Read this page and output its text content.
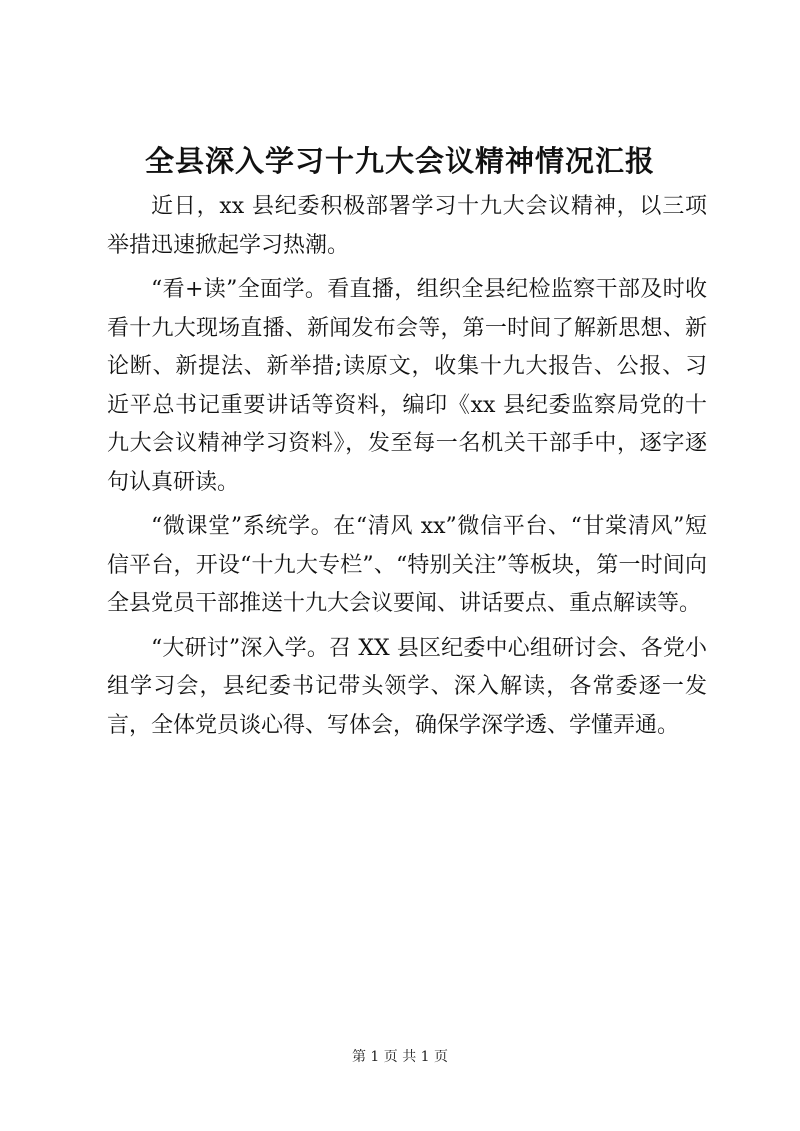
全县深入学习十九大会议精神情况汇报

近日，xx 县纪委积极部署学习十九大会议精神，以三项举措迅速掀起学习热潮。

“看+读”全面学。看直播，组织全县纪检监察干部及时收看十九大现场直播、新闻发布会等，第一时间了解新思想、新论断、新提法、新举措;读原文，收集十九大报告、公报、习近平总书记重要讲话等资料，编印《xx 县纪委监察局党的十九大会议精神学习资料》，发至每一名机关干部手中，逐字逐句认真研读。

“微课堂”系统学。在“清风 xx”微信平台、“甘棠清风”短信平台，开设“十九大专栏”、“特别关注”等板块，第一时间向全县党员干部推送十九大会议要闻、讲话要点、重点解读等。

“大研讨”深入学。召 XX 县区纪委中心组研讨会、各党小组学习会，县纪委书记带头领学、深入解读，各常委逐一发言，全体党员谈心得、写体会，确保学深学透、学懂弄通。

第 1 页 共 1 页
